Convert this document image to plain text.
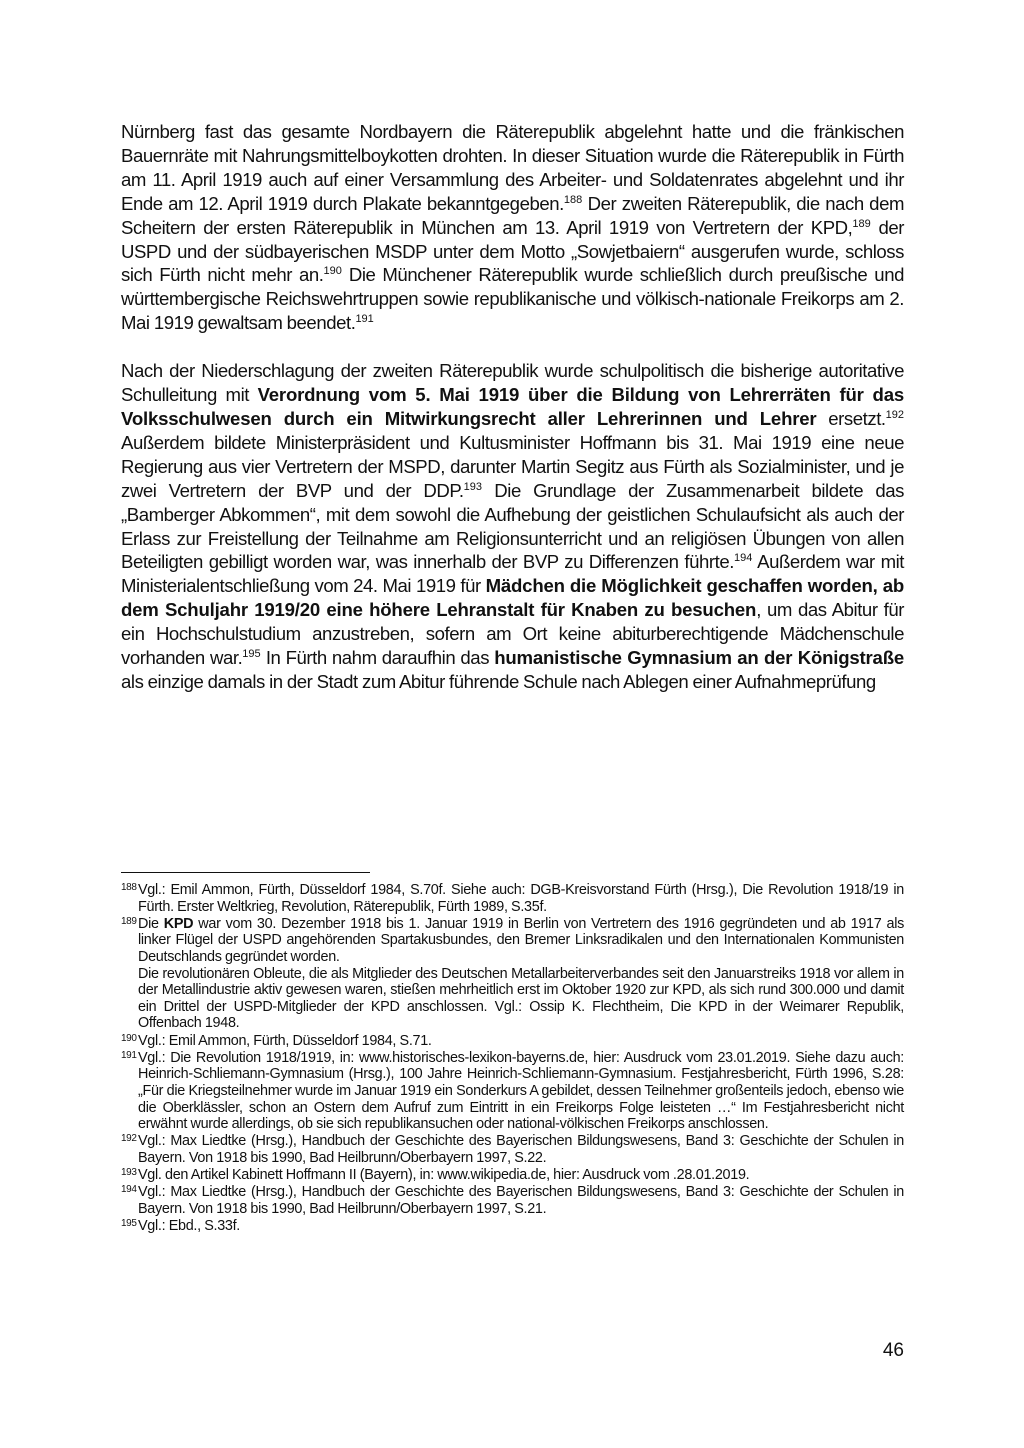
Nürnberg fast das gesamte Nordbayern die Räterepublik abgelehnt hatte und die fränkischen Bauernräte mit Nahrungsmittelboykotten drohten. In dieser Situation wurde die Räterepublik in Fürth am 11. April 1919 auch auf einer Versammlung des Arbeiter- und Soldatenrates abgelehnt und ihr Ende am 12. April 1919 durch Plakate bekanntgegeben.$^{188}$ Der zweiten Räterepublik, die nach dem Scheitern der ersten Räterepublik in München am 13. April 1919 von Vertretern der KPD,$^{189}$ der USPD und der südbayerischen MSDP unter dem Motto „Sowjetbaiern“ ausgerufen wurde, schloss sich Fürth nicht mehr an.$^{190}$ Die Münchener Räterepublik wurde schließlich durch preußische und württembergische Reichswehrtruppen sowie republikanische und völkisch-nationale Freikorps am 2. Mai 1919 gewaltsam beendet.$^{191}$

Nach der Niederschlagung der zweiten Räterepublik wurde schulpolitisch die bisherige autoritative Schulleitung mit Verordnung vom 5. Mai 1919 über die Bildung von Lehrerräten für das Volksschulwesen durch ein Mitwirkungsrecht aller Lehrerinnen und Lehrer ersetzt.$^{192}$ Außerdem bildete Ministerpräsident und Kultusminister Hoffmann bis 31. Mai 1919 eine neue Regierung aus vier Vertretern der MSPD, darunter Martin Segitz aus Fürth als Sozialminister, und je zwei Vertretern der BVP und der DDP.$^{193}$ Die Grundlage der Zusammenarbeit bildete das „Bamberger Abkommen“, mit dem sowohl die Aufhebung der geistlichen Schulaufsicht als auch der Erlass zur Freistellung der Teilnahme am Religionsunterricht und an religiösen Übungen von allen Beteiligten gebilligt worden war, was innerhalb der BVP zu Differenzen führte.$^{194}$ Außerdem war mit Ministerialentschließung vom 24. Mai 1919 für Mädchen die Möglichkeit geschaffen worden, ab dem Schuljahr 1919/20 eine höhere Lehranstalt für Knaben zu besuchen, um das Abitur für ein Hochschulstudium anzustreben, sofern am Ort keine abiturberechtigende Mädchenschule vorhanden war.$^{195}$ In Fürth nahm daraufhin das humanistische Gymnasium an der Königstraße als einzige damals in der Stadt zum Abitur führende Schule nach Ablegen einer Aufnahmeprüfung

188 Vgl.: Emil Ammon, Fürth, Düsseldorf 1984, S.70f. Siehe auch: DGB-Kreisvorstand Fürth (Hrsg.), Die Revolution 1918/19 in Fürth. Erster Weltkrieg, Revolution, Räterepublik, Fürth 1989, S.35f.
189 Die KPD war vom 30. Dezember 1918 bis 1. Januar 1919 in Berlin von Vertretern des 1916 gegründeten und ab 1917 als linker Flügel der USPD angehörenden Spartakusbundes, den Bremer Linksradikalen und den Internationalen Kommunisten Deutschlands gegründet worden.
Die revolutionären Obleute, die als Mitglieder des Deutschen Metallarbeiterverbandes seit den Januarstreiks 1918 vor allem in der Metallindustrie aktiv gewesen waren, stießen mehrheitlich erst im Oktober 1920 zur KPD, als sich rund 300.000 und damit ein Drittel der USPD-Mitglieder der KPD anschlossen. Vgl.: Ossip K. Flechtheim, Die KPD in der Weimarer Republik, Offenbach 1948.
190 Vgl.: Emil Ammon, Fürth, Düsseldorf 1984, S.71.
191 Vgl.: Die Revolution 1918/1919, in: www.historisches-lexikon-bayerns.de, hier: Ausdruck vom 23.01.2019. Siehe dazu auch: Heinrich-Schliemann-Gymnasium (Hrsg.), 100 Jahre Heinrich-Schliemann-Gymnasium. Festjahresbericht, Fürth 1996, S.28: „Für die Kriegsteilnehmer wurde im Januar 1919 ein Sonderkurs A gebildet, dessen Teilnehmer großenteils jedoch, ebenso wie die Oberklässler, schon an Ostern dem Aufruf zum Eintritt in ein Freikorps Folge leisteten …“ Im Festjahresbericht nicht erwähnt wurde allerdings, ob sie sich republikansuchen oder national-völkischen Freikorps anschlossen.
192 Vgl.: Max Liedtke (Hrsg.), Handbuch der Geschichte des Bayerischen Bildungswesens, Band 3: Geschichte der Schulen in Bayern. Von 1918 bis 1990, Bad Heilbrunn/Oberbayern 1997, S.22.
193 Vgl. den Artikel Kabinett Hoffmann II (Bayern), in: www.wikipedia.de, hier: Ausdruck vom .28.01.2019.
194 Vgl.: Max Liedtke (Hrsg.), Handbuch der Geschichte des Bayerischen Bildungswesens, Band 3: Geschichte der Schulen in Bayern. Von 1918 bis 1990, Bad Heilbrunn/Oberbayern 1997, S.21.
195 Vgl.: Ebd., S.33f.
46
